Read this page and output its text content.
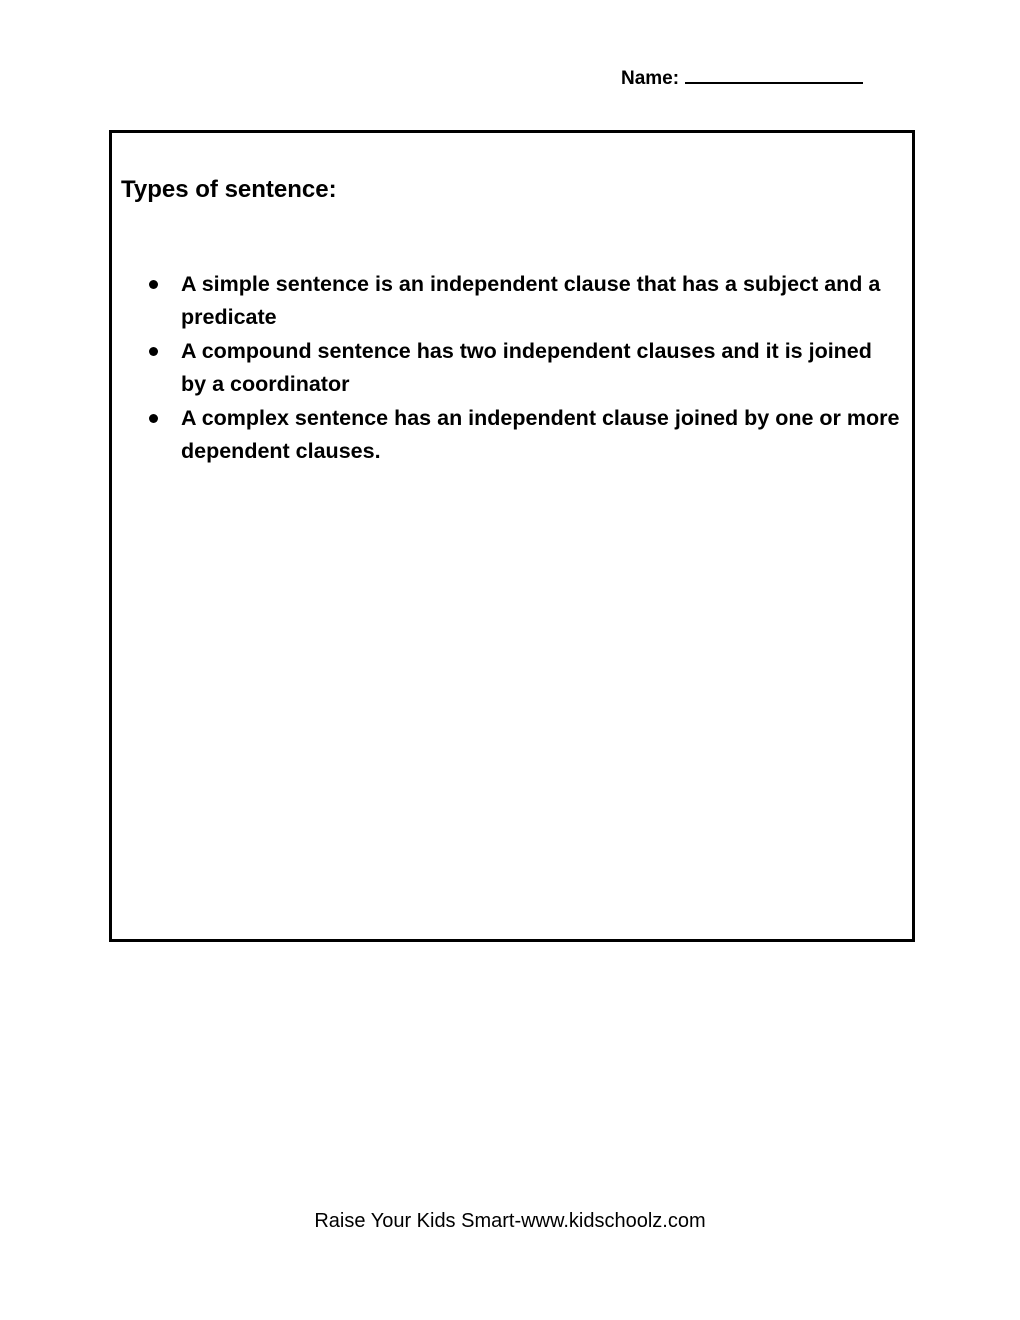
Name:
Types of sentence:
A simple sentence is an independent clause that has a subject and a predicate
A compound sentence has two independent clauses and it is joined by a coordinator
A complex sentence has an independent clause joined by one or more dependent clauses.
Raise Your Kids Smart-www.kidschoolz.com
